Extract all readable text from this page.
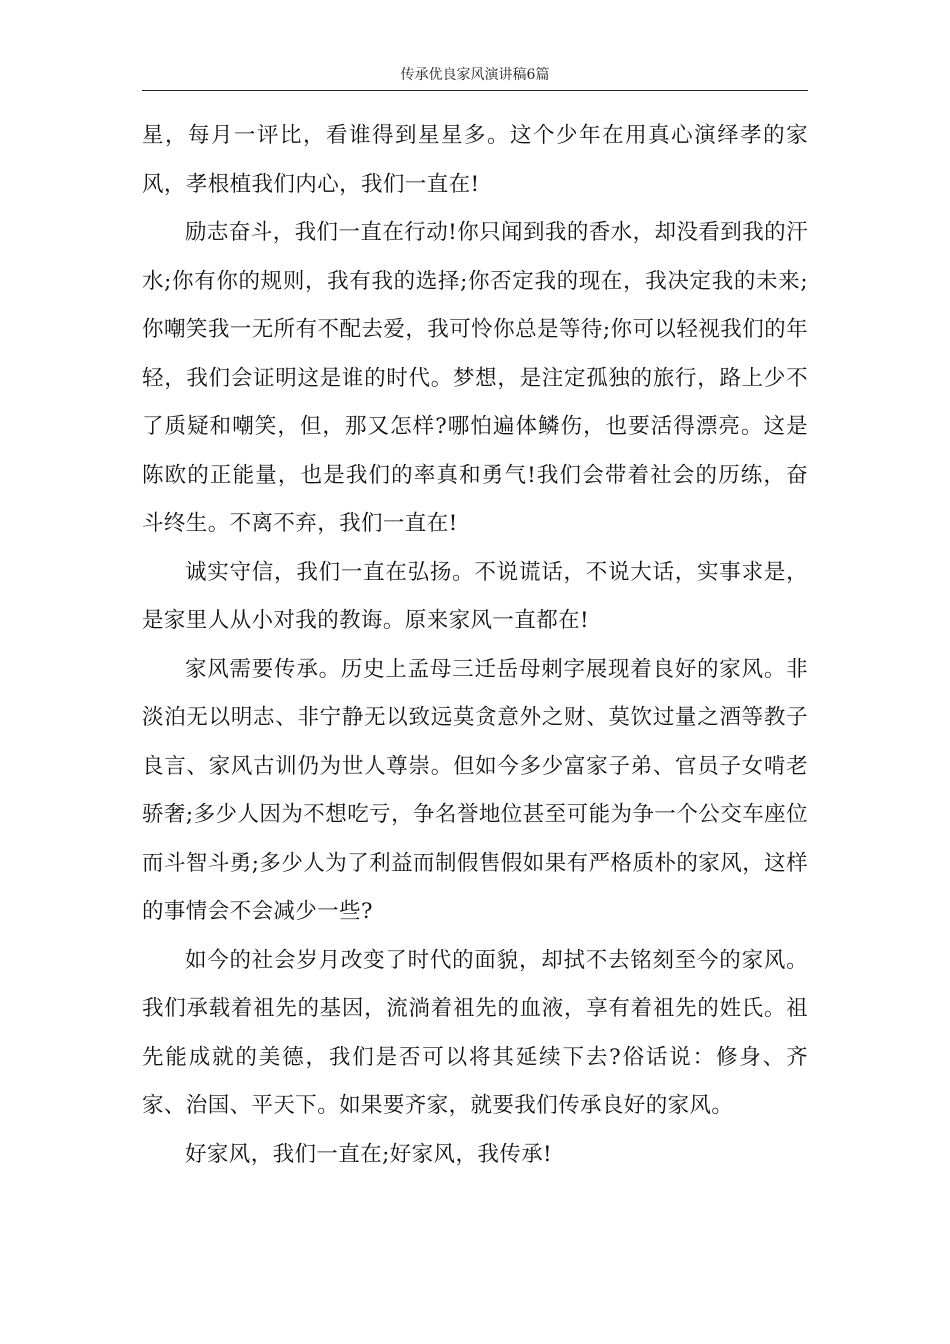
传承优良家风演讲稿6篇

星，每月一评比，看谁得到星星多。这个少年在用真心演绎孝的家风，孝根植我们内心，我们一直在!

励志奋斗，我们一直在行动!你只闻到我的香水，却没看到我的汗水;你有你的规则，我有我的选择;你否定我的现在，我决定我的未来;你嘲笑我一无所有不配去爱，我可怜你总是等待;你可以轻视我们的年轻，我们会证明这是谁的时代。梦想，是注定孤独的旅行，路上少不了质疑和嘲笑，但，那又怎样?哪怕遍体鳞伤，也要活得漂亮。这是陈欧的正能量，也是我们的率真和勇气!我们会带着社会的历练，奋斗终生。不离不弃，我们一直在!

诚实守信，我们一直在弘扬。不说谎话，不说大话，实事求是，是家里人从小对我的教诲。原来家风一直都在!

家风需要传承。历史上孟母三迁岳母刺字展现着良好的家风。非淡泊无以明志、非宁静无以致远莫贪意外之财、莫饮过量之酒等教子良言、家风古训仍为世人尊崇。但如今多少富家子弟、官员子女啃老骄奢;多少人因为不想吃亏，争名誉地位甚至可能为争一个公交车座位而斗智斗勇;多少人为了利益而制假售假如果有严格质朴的家风，这样的事情会不会减少一些?

如今的社会岁月改变了时代的面貌，却拭不去铭刻至今的家风。我们承载着祖先的基因，流淌着祖先的血液，享有着祖先的姓氏。祖先能成就的美德，我们是否可以将其延续下去?俗话说：修身、齐家、治国、平天下。如果要齐家，就要我们传承良好的家风。

好家风，我们一直在;好家风，我传承!
